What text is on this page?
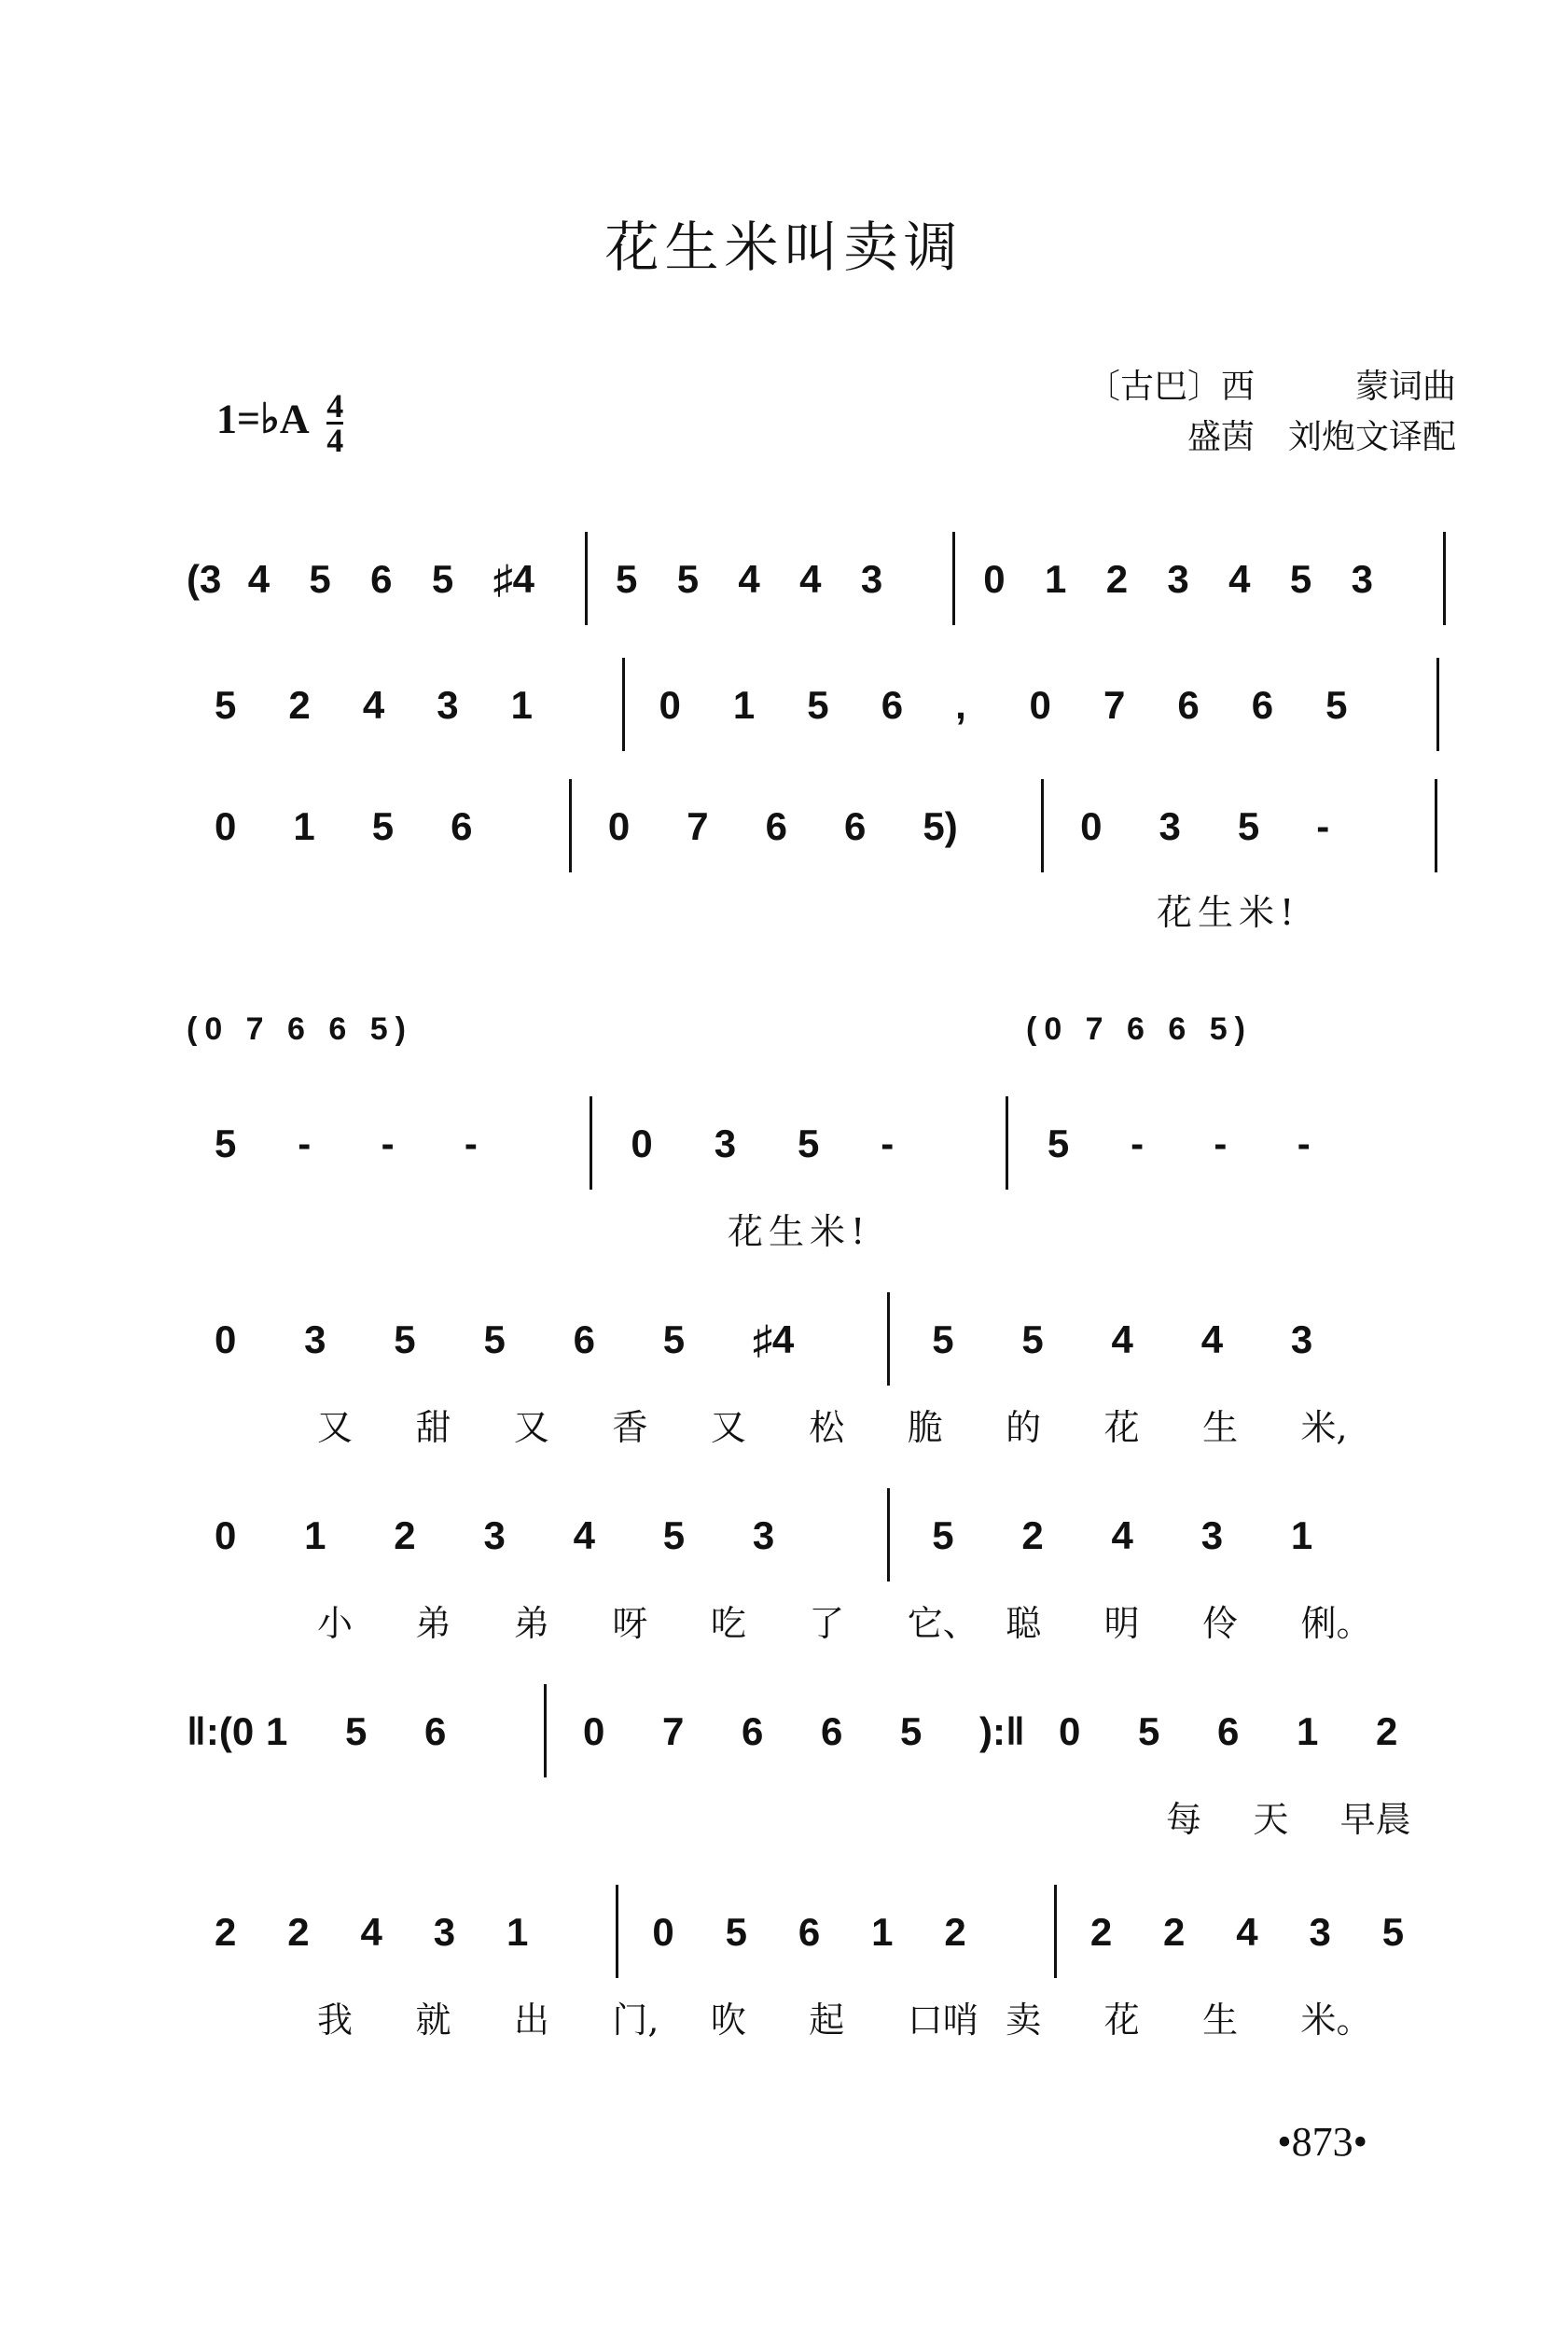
花生米叫卖调
1=♭A $\frac{4}{4}$
〔古巴〕西　　　蒙词曲
盛茵　刘炮文译配
(3 4 5 6 5 ♯4 5 5 4 4 3	0 1 2 3 4 5 3
5 2 4 3 1	0 1 5 6 , 0 7 6 6 5
0 1 5 6	0 7 6 6 5)	0 3 5 -
花生米!
5 - - -	0 3 5 -	5 - - -
(0 7 6 6 5)	(0 7 6 6 5)
花生米!
0 3 5 5 6 5 ♯4	5 5 4 4 3
又 甜 又 香 又 松 脆 的 花 生 米,
0 1 2 3 4 5 3	5 2 4 3 1
小 弟 弟 呀 吃 了 它、 聪 明 伶 俐。
‖:(0 1 5 6	0 7 6 6 5 ):‖ 0 5 6 1 2
每 天 早晨
2 2 4 3 1	0 5 6 1 2	2 2 4 3 5
我 就 出 门, 吹 起 口哨 卖 花 生 米。
•873•
